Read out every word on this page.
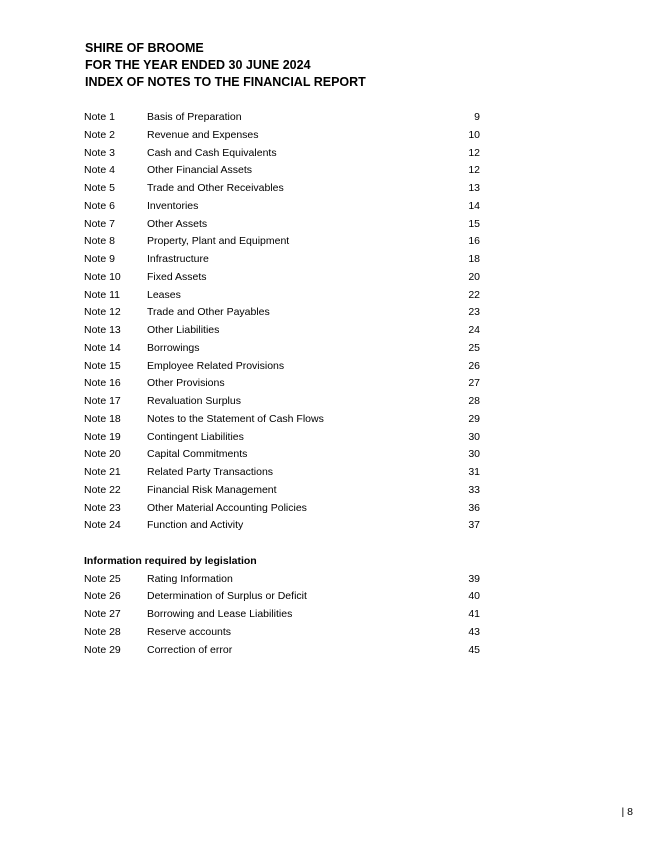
SHIRE OF BROOME
FOR THE YEAR ENDED 30 JUNE 2024
INDEX OF NOTES TO THE FINANCIAL REPORT
Note 1	Basis of Preparation	9
Note 2	Revenue and Expenses	10
Note 3	Cash and Cash Equivalents	12
Note 4	Other Financial Assets	12
Note 5	Trade and Other Receivables	13
Note 6	Inventories	14
Note 7	Other Assets	15
Note 8	Property, Plant and Equipment	16
Note 9	Infrastructure	18
Note 10 Fixed Assets	20
Note 11	Leases	22
Note 12 Trade and Other Payables	23
Note 13 Other Liabilities	24
Note 14 Borrowings	25
Note 15 Employee Related Provisions	26
Note 16 Other Provisions	27
Note 17 Revaluation Surplus	28
Note 18 Notes to the Statement of Cash Flows	29
Note 19 Contingent Liabilities	30
Note 20 Capital Commitments	30
Note 21 Related Party Transactions	31
Note 22 Financial Risk Management	33
Note 23 Other Material Accounting Policies	36
Note 24 Function and Activity	37
Information required by legislation
Note 25 Rating Information	39
Note 26 Determination of Surplus or Deficit	40
Note 27 Borrowing and Lease Liabilities	41
Note 28 Reserve accounts	43
Note 29 Correction of error	45
| 8
